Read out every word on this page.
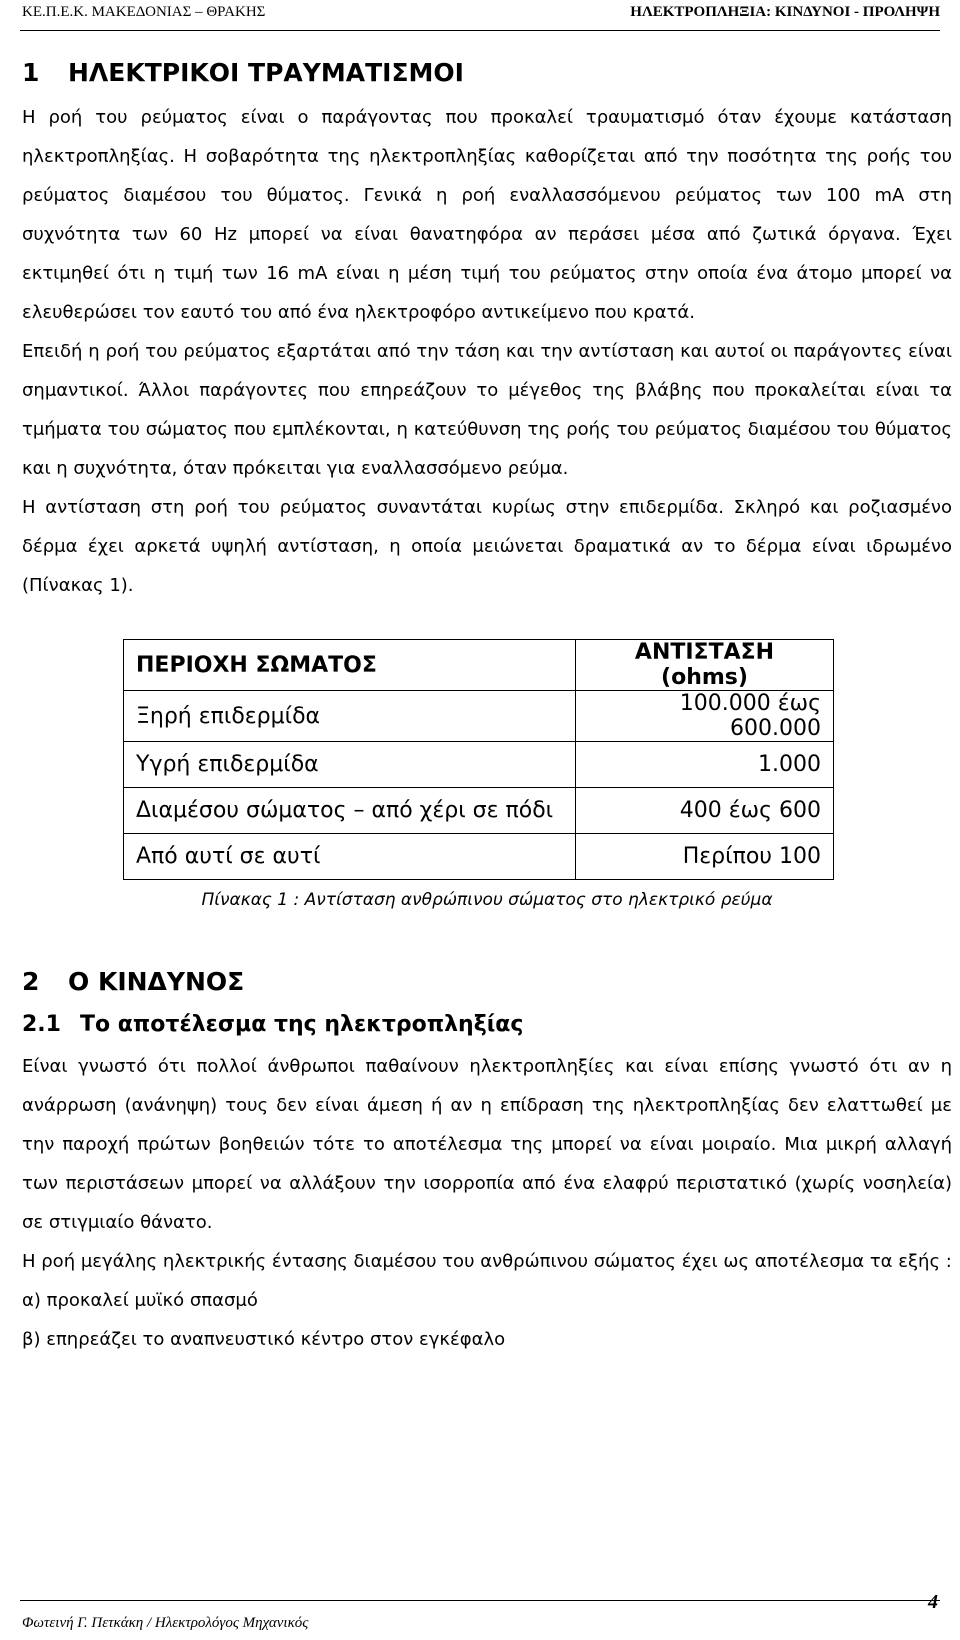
ΚΕ.Π.Ε.Κ. ΜΑΚΕΔΟΝΙΑΣ – ΘΡΑΚΗΣ	ΗΛΕΚΤΡΟΠΛΗΞΙΑ: ΚΙΝΔΥΝΟΙ - ΠΡΟΛΗΨΗ
1 ΗΛΕΚΤΡΙΚΟΙ ΤΡΑΥΜΑΤΙΣΜΟΙ

Η ροή του ρεύματος είναι ο παράγοντας που προκαλεί τραυματισμό όταν έχουμε κατάσταση ηλεκτροπληξίας. Η σοβαρότητα της ηλεκτροπληξίας καθορίζεται από την ποσότητα της ροής του ρεύματος διαμέσου του θύματος. Γενικά η ροή εναλλασσόμενου ρεύματος των 100 mA στη συχνότητα των 60 Hz μπορεί να είναι θανατηφόρα αν περάσει μέσα από ζωτικά όργανα. Έχει εκτιμηθεί ότι η τιμή των 16 mA είναι η μέση τιμή του ρεύματος στην οποία ένα άτομο μπορεί να ελευθερώσει τον εαυτό του από ένα ηλεκτροφόρο αντικείμενο που κρατά.

Επειδή η ροή του ρεύματος εξαρτάται από την τάση και την αντίσταση και αυτοί οι παράγοντες είναι σημαντικοί. Άλλοι παράγοντες που επηρεάζουν το μέγεθος της βλάβης που προκαλείται είναι τα τμήματα του σώματος που εμπλέκονται, η κατεύθυνση της ροής του ρεύματος διαμέσου του θύματος και η συχνότητα, όταν πρόκειται για εναλλασσόμενο ρεύμα.

Η αντίσταση στη ροή του ρεύματος συναντάται κυρίως στην επιδερμίδα. Σκληρό και ροζιασμένο δέρμα έχει αρκετά υψηλή αντίσταση, η οποία μειώνεται δραματικά αν το δέρμα είναι ιδρωμένο (Πίνακας 1).

ΠΕΡΙΟΧΗ ΣΩΜΑΤΟΣ	ΑΝΤΙΣΤΑΣΗ (ohms)
Ξηρή επιδερμίδα	100.000 έως 600.000
Υγρή επιδερμίδα	1.000
Διαμέσου σώματος – από χέρι σε πόδι	400 έως 600
Από αυτί σε αυτί	Περίπου 100
Πίνακας 1 : Αντίσταση ανθρώπινου σώματος στο ηλεκτρικό ρεύμα
2 Ο ΚΙΝΔΥΝΟΣ
2.1 Το αποτέλεσμα της ηλεκτροπληξίας

Είναι γνωστό ότι πολλοί άνθρωποι παθαίνουν ηλεκτροπληξίες και είναι επίσης γνωστό ότι αν η ανάρρωση (ανάνηψη) τους δεν είναι άμεση ή αν η επίδραση της ηλεκτροπληξίας δεν ελαττωθεί με την παροχή πρώτων βοηθειών τότε το αποτέλεσμα της μπορεί να είναι μοιραίο. Μια μικρή αλλαγή των περιστάσεων μπορεί να αλλάξουν την ισορροπία από ένα ελαφρύ περιστατικό (χωρίς νοσηλεία) σε στιγμιαίο θάνατο.

Η ροή μεγάλης ηλεκτρικής έντασης διαμέσου του ανθρώπινου σώματος έχει ως αποτέλεσμα τα εξής :

α) προκαλεί μυϊκό σπασμό

β) επηρεάζει το αναπνευστικό κέντρο στον εγκέφαλο

Φωτεινή Γ. Πετκάκη / Ηλεκτρολόγος Μηχανικός
4
